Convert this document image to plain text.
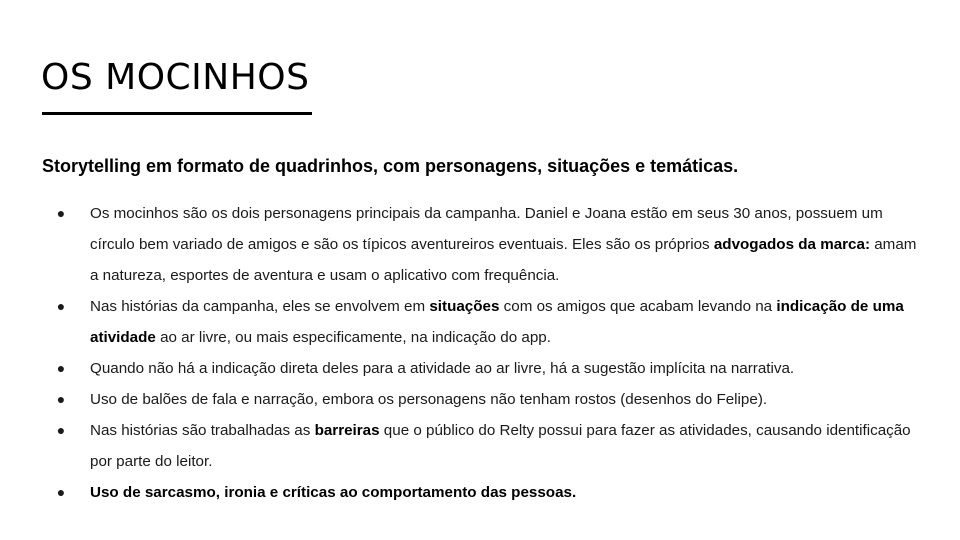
OS MOCINHOS

Storytelling em formato de quadrinhos, com personagens, situações e temáticas.

● Os mocinhos são os dois personagens principais da campanha. Daniel e Joana estão em seus 30 anos, possuem um círculo bem variado de amigos e são os típicos aventureiros eventuais. Eles são os próprios advogados da marca: amam a natureza, esportes de aventura e usam o aplicativo com frequência.
● Nas histórias da campanha, eles se envolvem em situações com os amigos que acabam levando na indicação de uma atividade ao ar livre, ou mais especificamente, na indicação do app.
● Quando não há a indicação direta deles para a atividade ao ar livre, há a sugestão implícita na narrativa.
● Uso de balões de fala e narração, embora os personagens não tenham rostos (desenhos do Felipe).
● Nas histórias são trabalhadas as barreiras que o público do Relty possui para fazer as atividades, causando identificação por parte do leitor.
● Uso de sarcasmo, ironia e críticas ao comportamento das pessoas.
